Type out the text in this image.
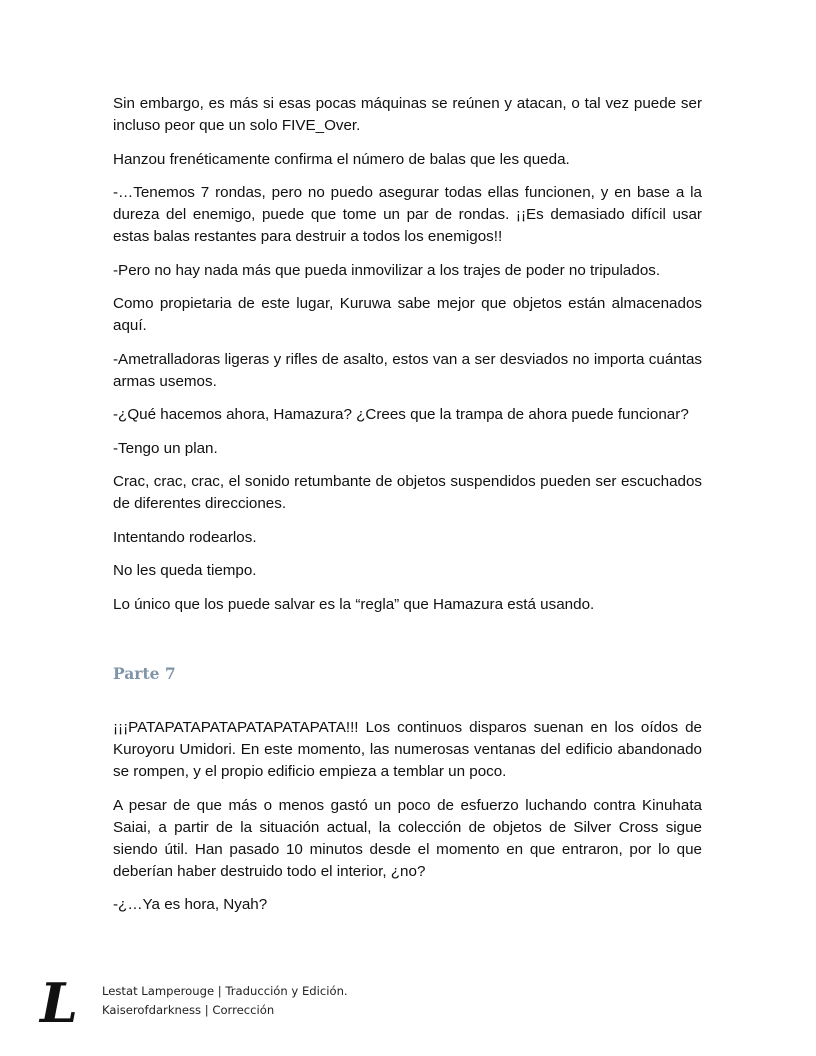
Sin embargo, es más si esas pocas máquinas se reúnen y atacan, o tal vez puede ser incluso peor que un solo FIVE_Over.

Hanzou frenéticamente confirma el número de balas que les queda.

-…Tenemos 7 rondas, pero no puedo asegurar todas ellas funcionen, y en base a la dureza del enemigo, puede que tome un par de rondas. ¡¡Es demasiado difícil usar estas balas restantes para destruir a todos los enemigos!!

-Pero no hay nada más que pueda inmovilizar a los trajes de poder no tripulados.

Como propietaria de este lugar, Kuruwa sabe mejor que objetos están almacenados aquí.

-Ametralladoras ligeras y rifles de asalto, estos van a ser desviados no importa cuántas armas usemos.

-¿Qué hacemos ahora, Hamazura? ¿Crees que la trampa de ahora puede funcionar?

-Tengo un plan.

Crac, crac, crac, el sonido retumbante de objetos suspendidos pueden ser escuchados de diferentes direcciones.

Intentando rodearlos.

No les queda tiempo.

Lo único que los puede salvar es la “regla” que Hamazura está usando.

Parte 7

¡¡¡PATAPATAPATAPATAPATAPATA!!! Los continuos disparos suenan en los oídos de Kuroyoru Umidori. En este momento, las numerosas ventanas del edificio abandonado se rompen, y el propio edificio empieza a temblar un poco.

A pesar de que más o menos gastó un poco de esfuerzo luchando contra Kinuhata Saiai, a partir de la situación actual, la colección de objetos de Silver Cross sigue siendo útil. Han pasado 10 minutos desde el momento en que entraron, por lo que deberían haber destruido todo el interior, ¿no?

-¿…Ya es hora, Nyah?

L	Lestat Lamperouge | Traducción y Edición.
Kaiserofdarkness | Corrección
